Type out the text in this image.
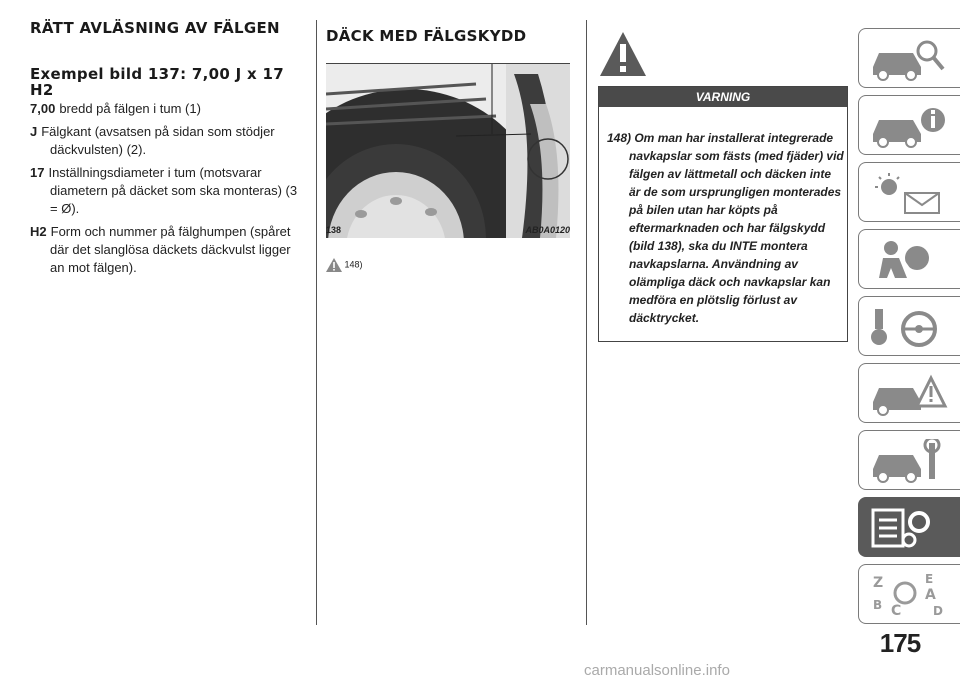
RÄTT AVLÄSNING AV FÄLGEN
Exempel bild 137: 7,00 J x 17 H2
7,00 bredd på fälgen i tum (1)
J Fälgkant (avsatsen på sidan som stödjer däckvulsten) (2).
17 Inställningsdiameter i tum (motsvarar diametern på däcket som ska monteras) (3 = Ø).
H2 Form och nummer på fälghumpen (spåret där det slanglösa däckets däckvulst ligger an mot fälgen).
DÄCK MED FÄLGSKYDD
138	AB0A0120
148)
VARNING
148) Om man har installerat integrerade navkapslar som fästs (med fjäder) vid fälgen av lättmetall och däcken inte är de som ursprungligen monterades på bilen utan har köpts på eftermarknaden och har fälgskydd (bild 138), ska du INTE montera navkapslarna. Användning av olämpliga däck och navkapslar kan medföra en plötslig förlust av däcktrycket.
Z	E
B
A
D
C
175
carmanualsonline.info
